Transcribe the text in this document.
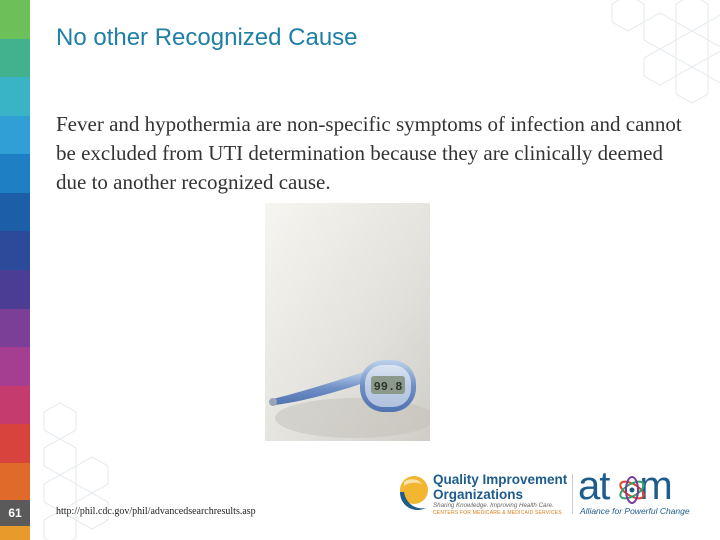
No other Recognized Cause
Fever and hypothermia are non-specific symptoms of infection and cannot be excluded from UTI determination because they are clinically deemed due to another recognized cause.
99.8
61	http://phil.cdc.gov/phil/advancedsearchresults.asp
Quality Improvement
Organizations
Sharing Knowledge. Improving Health Care.
CENTERS FOR MEDICARE & MEDICAID SERVICES
at m
Alliance for Powerful Change
